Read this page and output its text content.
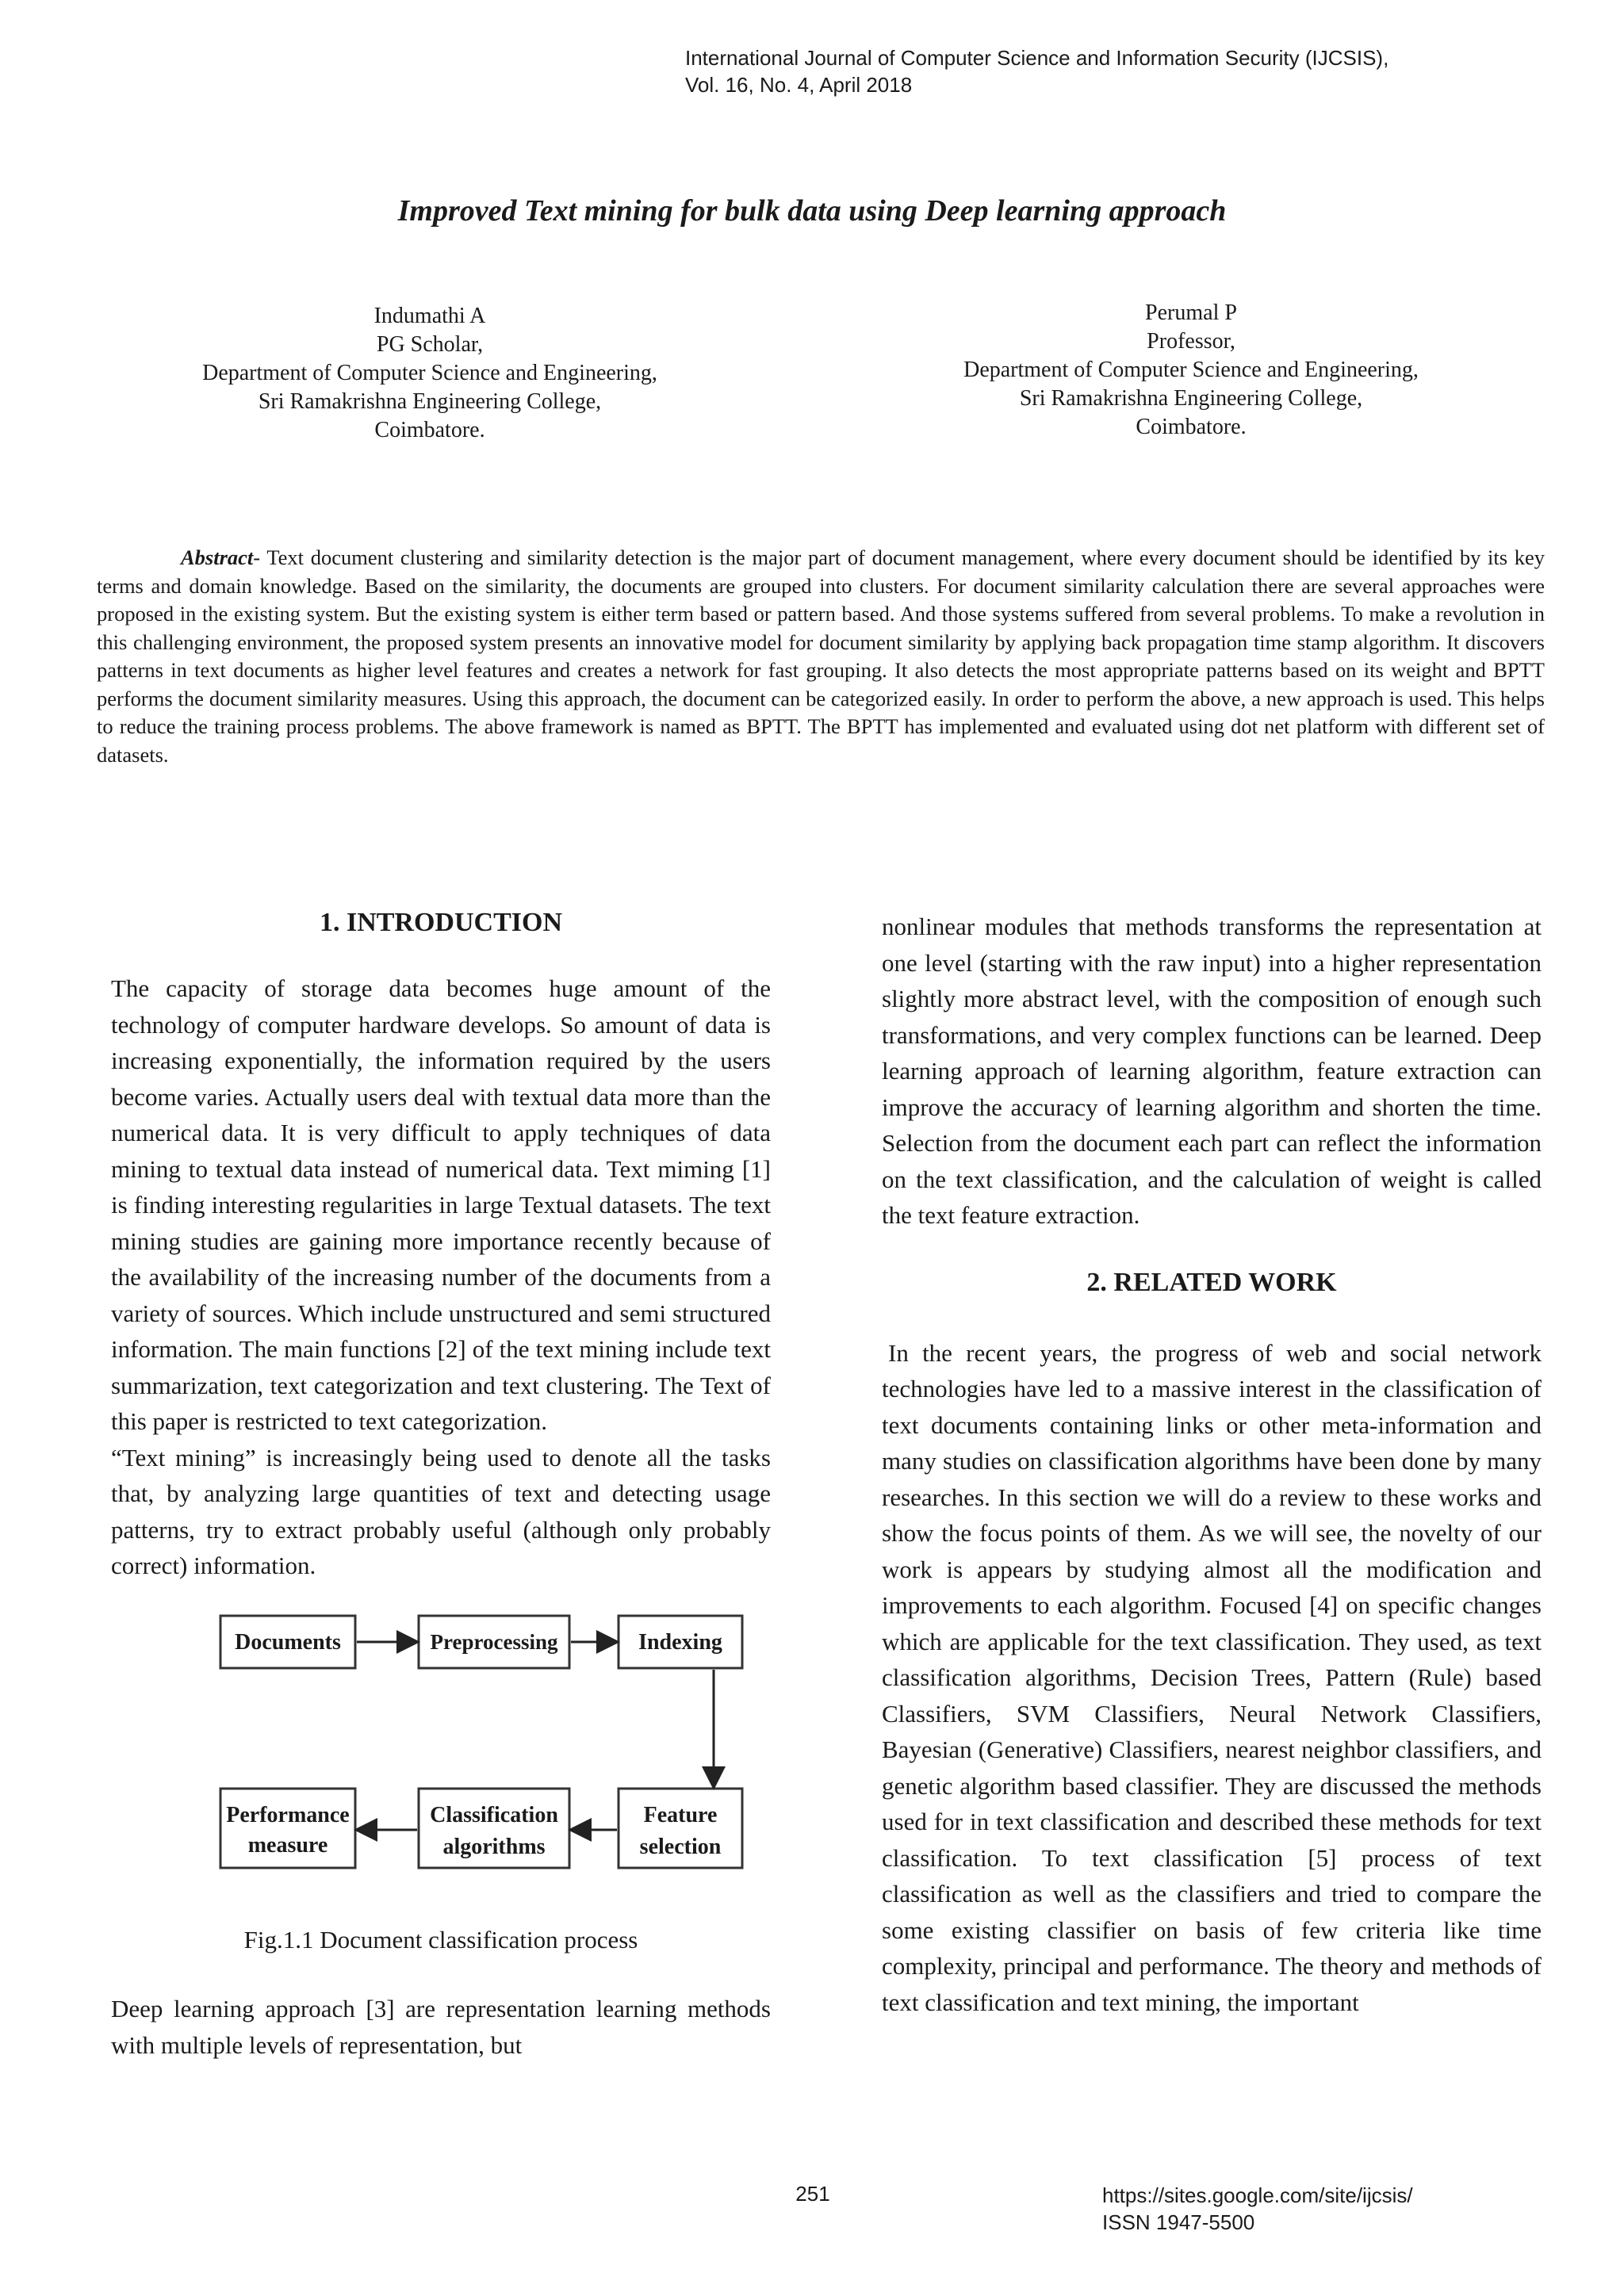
International Journal of Computer Science and Information Security (IJCSIS),
Vol. 16, No. 4, April 2018
Improved Text mining for bulk data using Deep learning approach
Indumathi A
PG Scholar,
Department of Computer Science and Engineering,
Sri Ramakrishna Engineering College,
Coimbatore.
Perumal P
Professor,
Department of Computer Science and Engineering,
Sri Ramakrishna Engineering College,
Coimbatore.
Abstract- Text document clustering and similarity detection is the major part of document management, where every document should be identified by its key terms and domain knowledge. Based on the similarity, the documents are grouped into clusters. For document similarity calculation there are several approaches were proposed in the existing system. But the existing system is either term based or pattern based. And those systems suffered from several problems. To make a revolution in this challenging environment, the proposed system presents an innovative model for document similarity by applying back propagation time stamp algorithm. It discovers patterns in text documents as higher level features and creates a network for fast grouping. It also detects the most appropriate patterns based on its weight and BPTT performs the document similarity measures. Using this approach, the document can be categorized easily. In order to perform the above, a new approach is used. This helps to reduce the training process problems. The above framework is named as BPTT. The BPTT has implemented and evaluated using dot net platform with different set of datasets.
1. INTRODUCTION

The capacity of storage data becomes huge amount of the technology of computer hardware develops. So amount of data is increasing exponentially, the information required by the users become varies. Actually users deal with textual data more than the numerical data. It is very difficult to apply techniques of data mining to textual data instead of numerical data. Text miming [1] is finding interesting regularities in large Textual datasets. The text mining studies are gaining more importance recently because of the availability of the increasing number of the documents from a variety of sources. Which include unstructured and semi structured information. The main functions [2] of the text mining include text summarization, text categorization and text clustering. The Text of this paper is restricted to text categorization.

“Text mining” is increasingly being used to denote all the tasks that, by analyzing large quantities of text and detecting usage patterns, try to extract probably useful (although only probably correct) information.

Documents	Preprocessing	Indexing
Performance
measure
Classification
algorithms
Feature
selection
Fig.1.1 Document classification process

Deep learning approach [3] are representation learning methods with multiple levels of representation, but

nonlinear modules that methods transforms the representation at one level (starting with the raw input) into a higher representation slightly more abstract level, with the composition of enough such transformations, and very complex functions can be learned. Deep learning approach of learning algorithm, feature extraction can improve the accuracy of learning algorithm and shorten the time. Selection from the document each part can reflect the information on the text classification, and the calculation of weight is called the text feature extraction.

2. RELATED WORK

In the recent years, the progress of web and social network technologies have led to a massive interest in the classification of text documents containing links or other meta-information and many studies on classification algorithms have been done by many researches. In this section we will do a review to these works and show the focus points of them. As we will see, the novelty of our work is appears by studying almost all the modification and improvements to each algorithm. Focused [4] on specific changes which are applicable for the text classification. They used, as text classification algorithms, Decision Trees, Pattern (Rule) based Classifiers, SVM Classifiers, Neural Network Classifiers, Bayesian (Generative) Classifiers, nearest neighbor classifiers, and genetic algorithm based classifier. They are discussed the methods used for in text classification and described these methods for text classification. To text classification [5] process of text classification as well as the classifiers and tried to compare the some existing classifier on basis of few criteria like time complexity, principal and performance. The theory and methods of text classification and text mining, the important

251	https://sites.google.com/site/ijcsis/
ISSN 1947-5500
